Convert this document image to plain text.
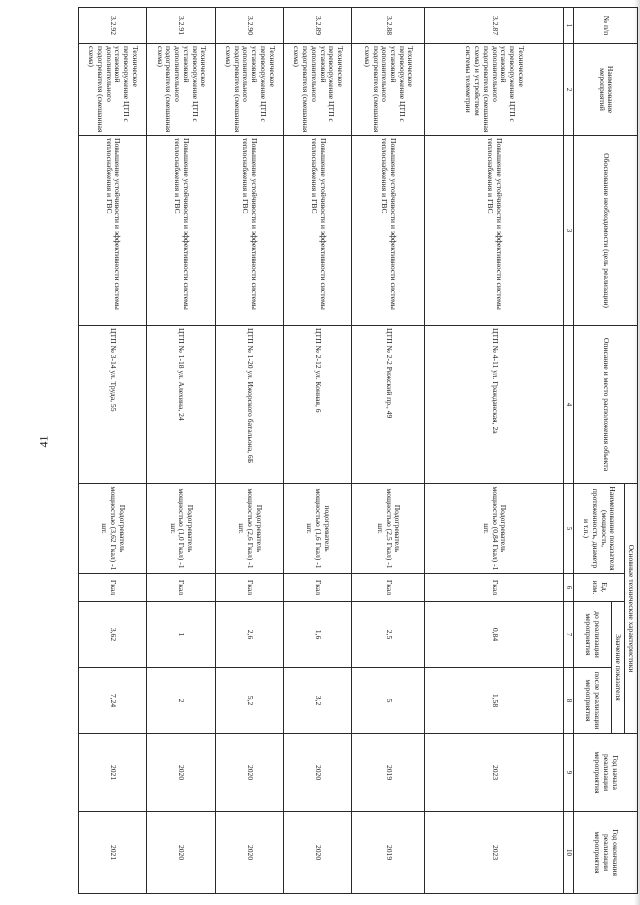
41
№ п/п	Наименование мероприятий	Обоснование необходимости (цель реализации)	Описание и место расположения объекта	Основные технические характеристики				Год начала реализации мероприятия	Год окончания реализации мероприятия
				Наименование показателя (мощность, протяженность, диаметр и т.п.)	Ед. изм.	Значение показателя			
						до реализации мероприятия	после реализации мероприятия		
1	2	3	4	5	6	7	8	9	10
3.2.87	Техническое перевооружение ЦТП с установкой дополнительного подогревателя (смешанная схема) и устройством системы телеметрии	Повышение устойчивости и эффективности системы теплоснабжения и ГВС	ЦТП № 4-11 ул. Гражданская, 2а	Подогреватель мощностью (0,84 Гкал) -1 шт.	Гкал	0,84	1,58	2023	2023
3.2.88	Техническое перевооружение ЦТП с установкой дополнительного подогревателя (смешанная схема)	Повышение устойчивости и эффективности системы теплоснабжения и ГВС	ЦТП № 2-2 Рижский пр., 49	Подогреватель мощностью (2,5 Гкал) -1 шт.	Гкал	2,5	5	2019	2019
3.2.89	Техническое перевооружение ЦТП с установкой дополнительного подогревателя (смешанная схема)	Повышение устойчивости и эффективности системы теплоснабжения и ГВС	ЦТП № 2-12 ул. Конная, 6	подогреватель мощностью (1,6 Гкал) -1 шт.	Гкал	1,6	3,2	2020	2020
3.2.90	Техническое перевооружение ЦТП с установкой дополнительного подогревателя (смешанная схема)	Повышение устойчивости и эффективности системы теплоснабжения и ГВС	ЦТП № 1-20 ул. Ижорского батальона, 6Б	Подогреватель мощностью (2,6 Гкал) -1 шт.	Гкал	2,6	5,2	2020	2020
3.2.91	Техническое перевооружение ЦТП с установкой дополнительного подогревателя (смешанная схема)	Повышение устойчивости и эффективности системы теплоснабжения и ГВС	ЦТП № 1-18 ул. Алехина, 24	Подогреватель мощностью (1,0 Гкал) -1 шт.	Гкал	1	2	2020	2020
3.2.92	Техническое перевооружение ЦТП с установкой дополнительного подогревателя (смешанная схема)	Повышение устойчивости и эффективности системы теплоснабжения и ГВС	ЦТП № 3-14 ул. Труда, 55	Подогреватель мощностью (3,62 Гкал) -1 шт.	Гкал	3,62	7,24	2021	2021
